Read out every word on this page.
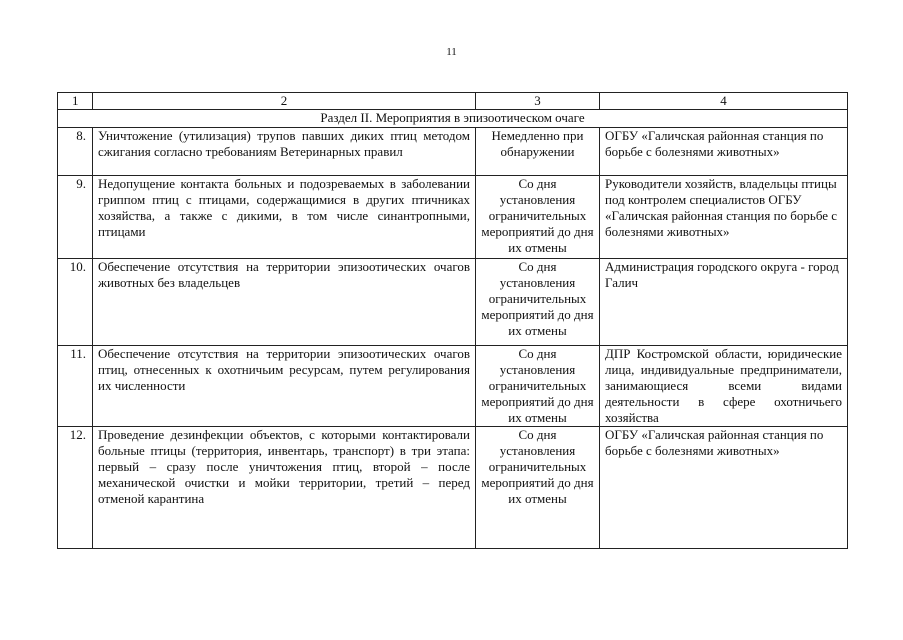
11
1	2	3	4
Раздел II. Мероприятия в эпизоотическом очаге			
8.	Уничтожение (утилизация) трупов павших диких птиц методом сжигания согласно требованиям Ветеринарных правил	Немедленно при обнаружении	ОГБУ «Галичская районная станция по борьбе с болезнями животных»
9.	Недопущение контакта больных и подозреваемых в заболевании гриппом птиц с птицами, содержащимися в других птичниках хозяйства, а также с дикими, в том числе синантропными, птицами	Со дня установления ограничительных мероприятий до дня их отмены	Руководители хозяйств, владельцы птицы под контролем специалистов ОГБУ «Галичская районная станция по борьбе с болезнями животных»
10.	Обеспечение отсутствия на территории эпизоотических очагов животных без владельцев	Со дня установления ограничительных мероприятий до дня их отмены	Администрация городского округа - город Галич
11.	Обеспечение отсутствия на территории эпизоотических очагов птиц, отнесенных к охотничьим ресурсам, путем регулирования их численности	Со дня установления ограничительных мероприятий до дня их отмены	ДПР Костромской области, юридические лица, индивидуальные предприниматели, занимающиеся всеми видами деятельности в сфере охотничьего хозяйства
12.	Проведение дезинфекции объектов, с которыми контактировали больные птицы (территория, инвентарь, транспорт) в три этапа: первый – сразу после уничтожения птиц, второй – после механической очистки и мойки территории, третий – перед отменой карантина	Со дня установления ограничительных мероприятий до дня их отмены	ОГБУ «Галичская районная станция по борьбе с болезнями животных»
